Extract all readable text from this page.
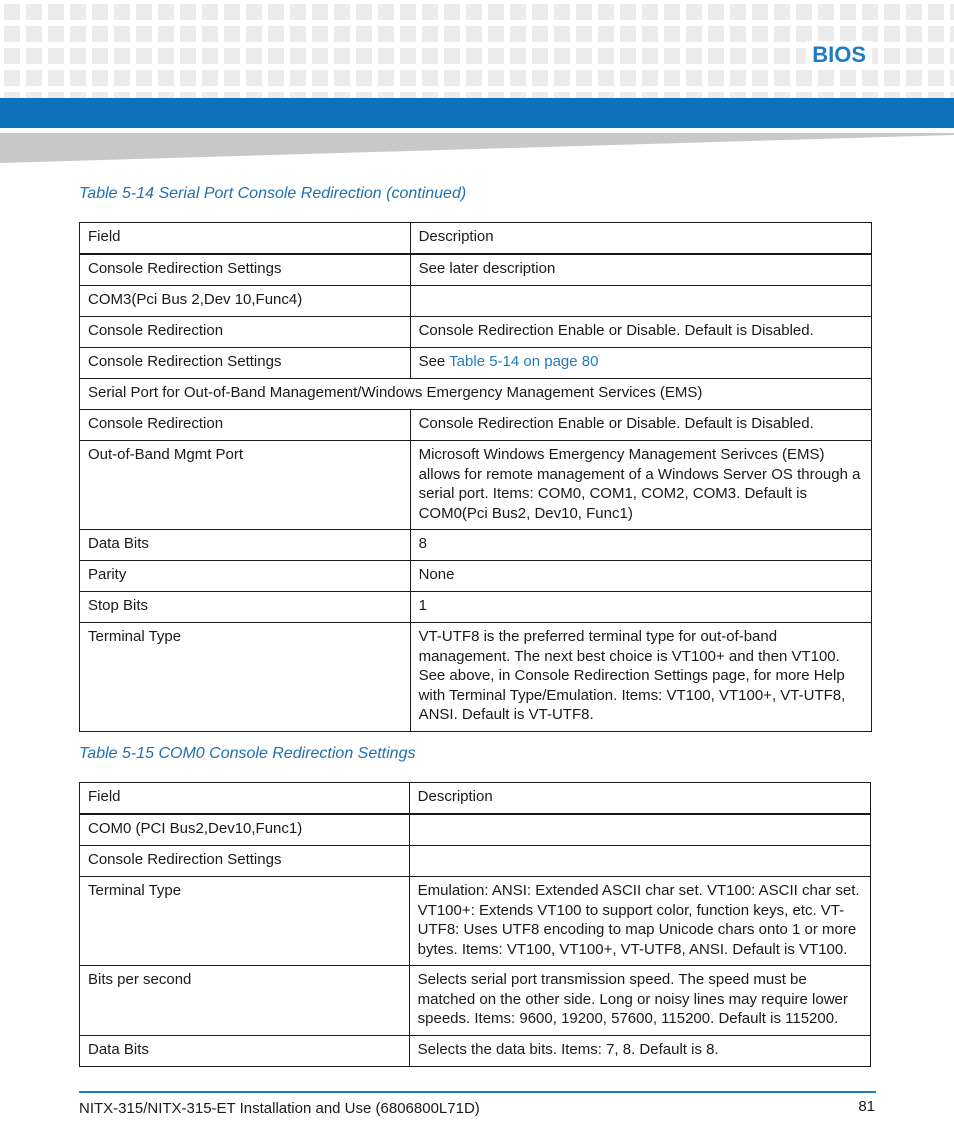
BIOS
Table 5-14 Serial Port Console Redirection (continued)
Field	Description
Console Redirection Settings	See later description
COM3(Pci Bus 2,Dev 10,Func4)	
Console Redirection	Console Redirection Enable or Disable. Default is Disabled.
Console Redirection Settings	See Table 5-14 on page 80
Serial Port for Out-of-Band Management/Windows Emergency Management Services (EMS)	
Console Redirection	Console Redirection Enable or Disable. Default is Disabled.
Out-of-Band Mgmt Port	Microsoft Windows Emergency Management Serivces (EMS) allows for remote management of a Windows Server OS through a serial port. Items: COM0, COM1, COM2, COM3. Default is COM0(Pci Bus2, Dev10, Func1)
Data Bits	8
Parity	None
Stop Bits	1
Terminal Type	VT-UTF8 is the preferred terminal type for out-of-band management. The next best choice is VT100+ and then VT100. See above, in Console Redirection Settings page, for more Help with Terminal Type/Emulation. Items: VT100, VT100+, VT-UTF8, ANSI. Default is VT-UTF8.
Table 5-15 COM0 Console Redirection Settings
Field	Description
COM0 (PCI Bus2,Dev10,Func1)	
Console Redirection Settings	
Terminal Type	Emulation: ANSI: Extended ASCII char set. VT100: ASCII char set. VT100+: Extends VT100 to support color, function keys, etc. VT-UTF8: Uses UTF8 encoding to map Unicode chars onto 1 or more bytes. Items: VT100, VT100+, VT-UTF8, ANSI. Default is VT100.
Bits per second	Selects serial port transmission speed. The speed must be matched on the other side. Long or noisy lines may require lower speeds. Items: 9600, 19200, 57600, 115200. Default is 115200.
Data Bits	Selects the data bits. Items: 7, 8. Default is 8.
NITX-315/NITX-315-ET Installation and Use (6806800L71D)	81
